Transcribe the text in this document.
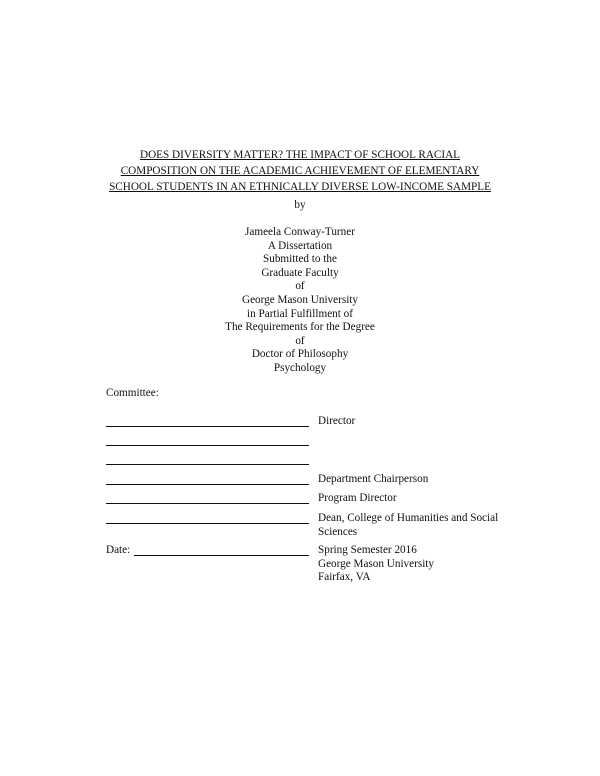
DOES DIVERSITY MATTER? THE IMPACT OF SCHOOL RACIAL
COMPOSITION ON THE ACADEMIC ACHIEVEMENT OF ELEMENTARY
SCHOOL STUDENTS IN AN ETHNICALLY DIVERSE LOW-INCOME SAMPLE
by
Jameela Conway-Turner
A Dissertation
Submitted to the
Graduate Faculty
of
George Mason University
in Partial Fulfillment of
The Requirements for the Degree
of
Doctor of Philosophy
Psychology
Committee:
Director
Department Chairperson
Program Director
Dean, College of Humanities and Social
Sciences
Date:	Spring Semester 2016
George Mason University
Fairfax, VA
